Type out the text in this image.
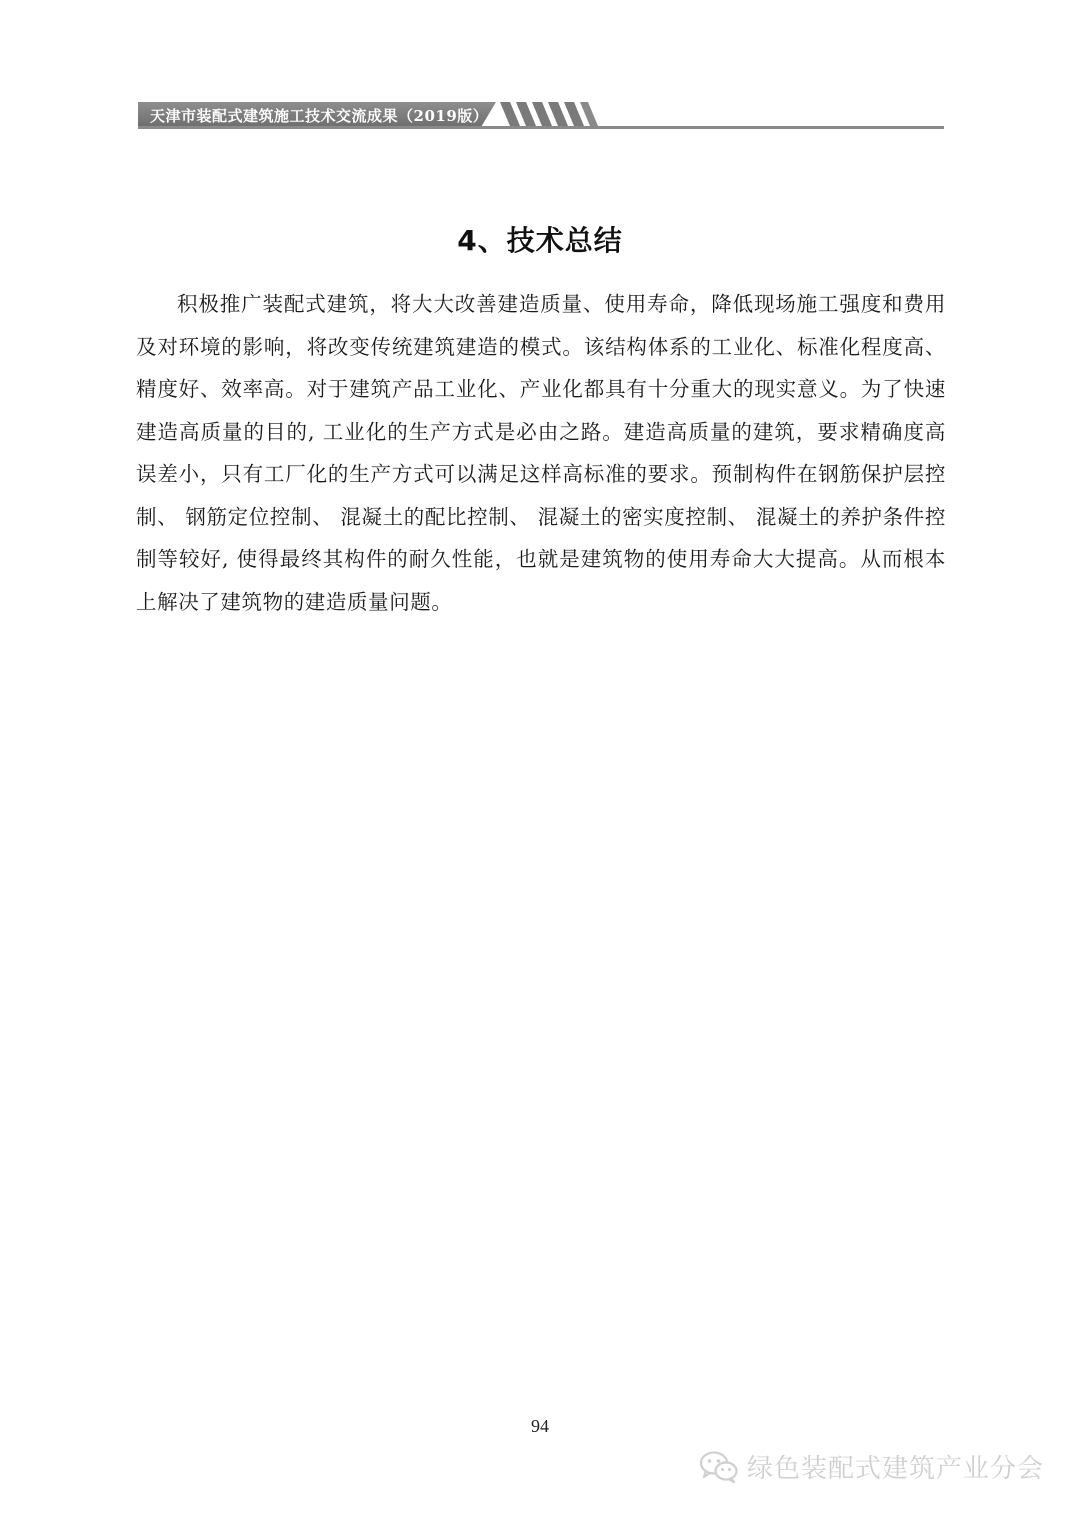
天津市装配式建筑施工技术交流成果（2019版）
4、技术总结

积极推广装配式建筑，将大大改善建造质量、使用寿命，降低现场施工强度和费用及对环境的影响，将改变传统建筑建造的模式。该结构体系的工业化、标准化程度高、精度好、效率高。对于建筑产品工业化、产业化都具有十分重大的现实意义。为了快速建造高质量的目的, 工业化的生产方式是必由之路。建造高质量的建筑，要求精确度高误差小，只有工厂化的生产方式可以满足这样高标准的要求。预制构件在钢筋保护层控制、 钢筋定位控制、 混凝土的配比控制、 混凝土的密实度控制、 混凝土的养护条件控制等较好, 使得最终其构件的耐久性能，也就是建筑物的使用寿命大大提高。从而根本上解决了建筑物的建造质量问题。

94
绿色装配式建筑产业分会
